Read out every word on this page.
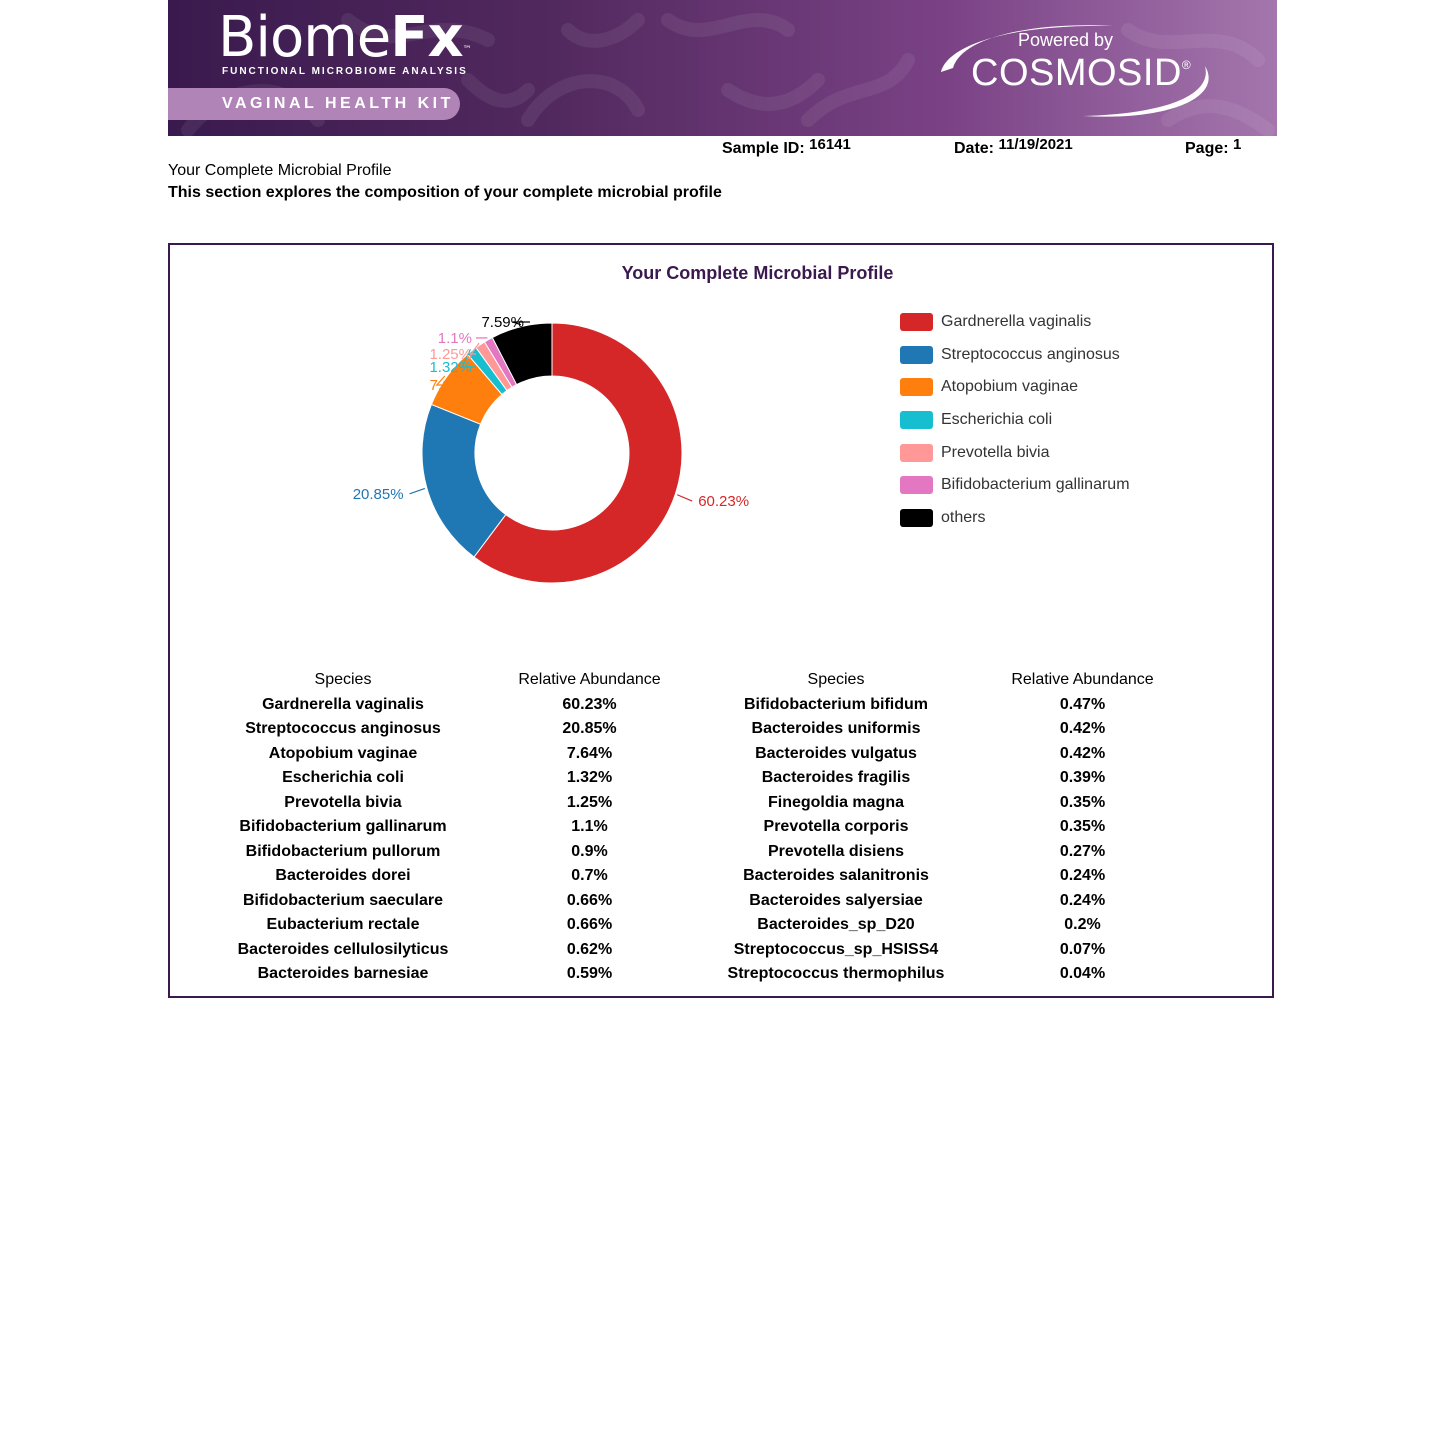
BiomeFx™
FUNCTIONAL MICROBIOME ANALYSIS
VAGINAL HEALTH KIT
Powered by
COSMOSID®
Sample ID: 16141	Date: 11/19/2021	Page: 1
Your Complete Microbial Profile
This section explores the composition of your complete microbial profile
Your Complete Microbial Profile
60.23%
20.85%
7.64%
1.32%
1.25%
1.1%
7.59%	Gardnerella vaginalis
Streptococcus anginosus
Atopobium vaginae
Escherichia coli
Prevotella bivia
Bifidobacterium gallinarum
others
Species	Relative Abundance
Gardnerella vaginalis	60.23%
Streptococcus anginosus	20.85%
Atopobium vaginae	7.64%
Escherichia coli	1.32%
Prevotella bivia	1.25%
Bifidobacterium gallinarum	1.1%
Bifidobacterium pullorum	0.9%
Bacteroides dorei	0.7%
Bifidobacterium saeculare	0.66%
Eubacterium rectale	0.66%
Bacteroides cellulosilyticus	0.62%
Bacteroides barnesiae	0.59%
Species	Relative Abundance
Bifidobacterium bifidum	0.47%
Bacteroides uniformis	0.42%
Bacteroides vulgatus	0.42%
Bacteroides fragilis	0.39%
Finegoldia magna	0.35%
Prevotella corporis	0.35%
Prevotella disiens	0.27%
Bacteroides salanitronis	0.24%
Bacteroides salyersiae	0.24%
Bacteroides_sp_D20	0.2%
Streptococcus_sp_HSISS4	0.07%
Streptococcus thermophilus	0.04%
